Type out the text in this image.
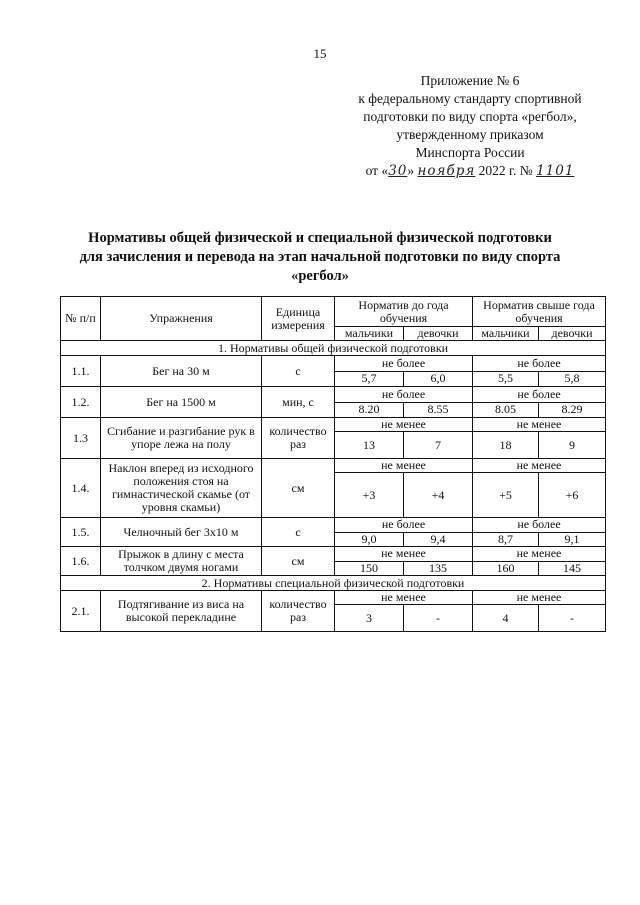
15
Приложение № 6
к федеральному стандарту спортивной
подготовки по виду спорта «регбол»,
утвержденному приказом
Минспорта России
от «30» ноября 2022 г. № 1101
Нормативы общей физической и специальной физической подготовки
для зачисления и перевода на этап начальной подготовки по виду спорта
«регбол»
№ п/п	Упражнения	Единица измерения	Норматив до года обучения		Норматив свыше года обучения	
			мальчики	девочки	мальчики	девочки
1. Нормативы общей физической подготовки						
1.1.	Бег на 30 м	с	не более		не более	
			5,7	6,0	5,5	5,8
1.2.	Бег на 1500 м	мин, с	не более		не более	
			8.20	8.55	8.05	8.29
1.3	Сгибание и разгибание рук в упоре лежа на полу	количество раз	не менее		не менее	
			13	7	18	9
1.4.	Наклон вперед из исходного положения стоя на гимнастической скамье (от уровня скамьи)	см	не менее		не менее	
			+3	+4	+5	+6
1.5.	Челночный бег 3х10 м	с	не более		не более	
			9,0	9,4	8,7	9,1
1.6.	Прыжок в длину с места толчком двумя ногами	см	не менее		не менее	
			150	135	160	145
2. Нормативы специальной физической подготовки						
2.1.	Подтягивание из виса на высокой перекладине	количество раз	не менее		не менее	
			3	-	4	-
